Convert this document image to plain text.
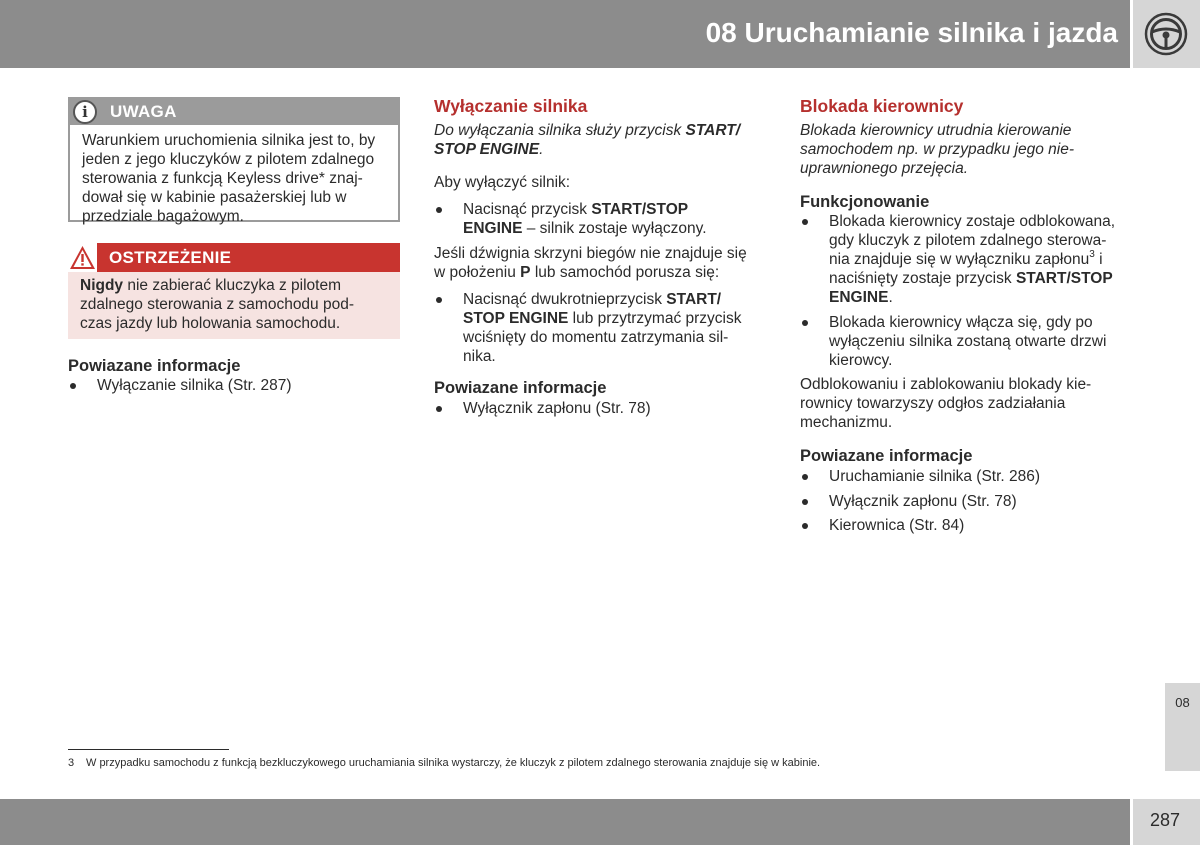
08 Uruchamianie silnika i jazda
i	UWAGA
Warunkiem uruchomienia silnika jest to, by
jeden z jego kluczyków z pilotem zdalnego
sterowania z funkcją Keyless drive* znaj-
dował się w kabinie pasażerskiej lub w
przedziale bagażowym.
OSTRZEŻENIE
Nigdy nie zabierać kluczyka z pilotem
zdalnego sterowania z samochodu pod-
czas jazdy lub holowania samochodu.
Powiazane informacje
Wyłączanie silnika (Str. 287)
Wyłączanie silnika
Do wyłączania silnika służy przycisk START/
STOP ENGINE.
Aby wyłączyć silnik:
Nacisnąć przycisk START/STOP
ENGINE – silnik zostaje wyłączony.
Jeśli dźwignia skrzyni biegów nie znajduje się
w położeniu P lub samochód porusza się:
Nacisnąć dwukrotnieprzycisk START/
STOP ENGINE lub przytrzymać przycisk
wciśnięty do momentu zatrzymania sil-
nika.
Powiazane informacje
Wyłącznik zapłonu (Str. 78)
Blokada kierownicy
Blokada kierownicy utrudnia kierowanie
samochodem np. w przypadku jego nie-
uprawnionego przejęcia.
Funkcjonowanie
Blokada kierownicy zostaje odblokowana,
gdy kluczyk z pilotem zdalnego sterowa-
nia znajduje się w wyłączniku zapłonu$^3$ i
naciśnięty zostaje przycisk START/STOP
ENGINE.
Blokada kierownicy włącza się, gdy po
wyłączeniu silnika zostaną otwarte drzwi
kierowcy.
Odblokowaniu i zablokowaniu blokady kie-
rownicy towarzyszy odgłos zadziałania
mechanizmu.
Powiazane informacje
Uruchamianie silnika (Str. 286)
Wyłącznik zapłonu (Str. 78)
Kierownica (Str. 84)
08
3 W przypadku samochodu z funkcją bezkluczykowego uruchamiania silnika wystarczy, że kluczyk z pilotem zdalnego sterowania znajduje się w kabinie.
287
